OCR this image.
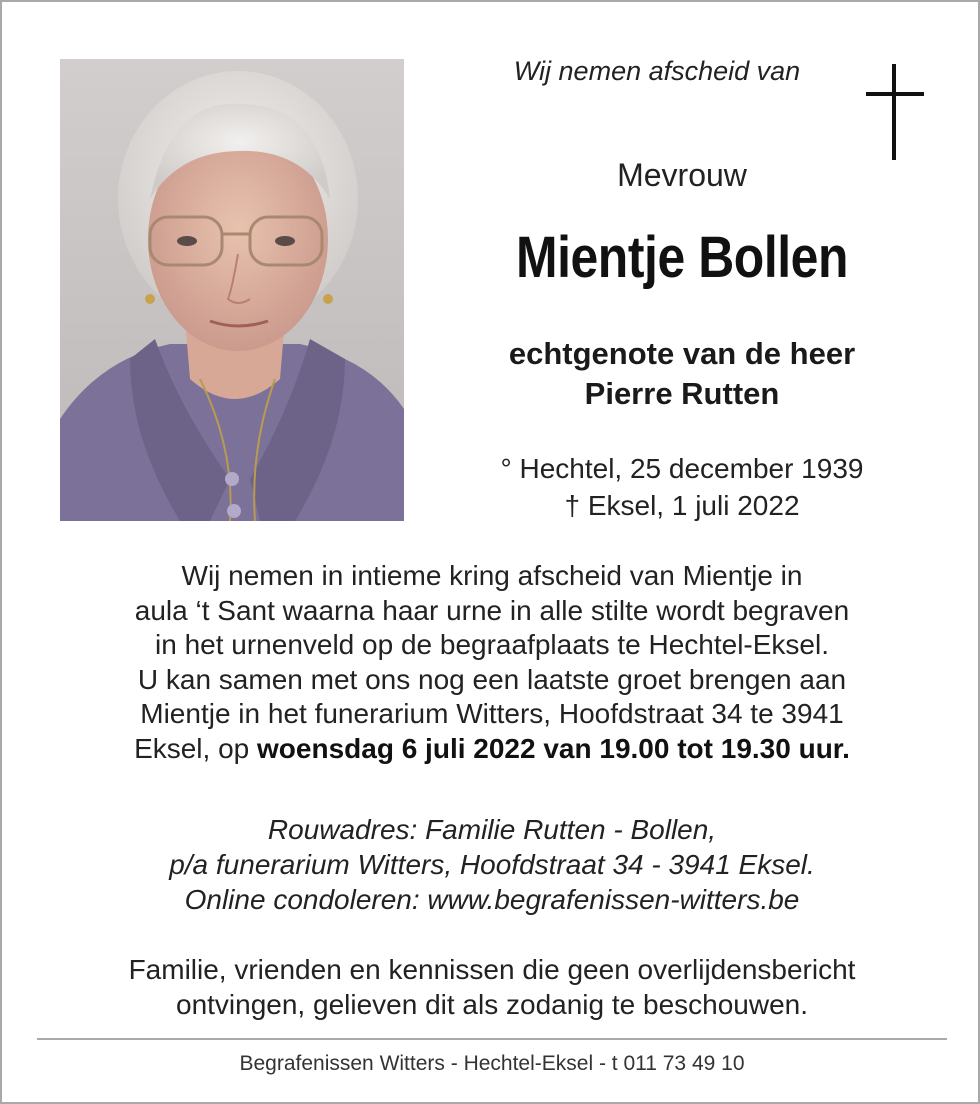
Wij nemen afscheid van
Mevrouw
Mientje Bollen
echtgenote van de heer
Pierre Rutten
° Hechtel, 25 december 1939
† Eksel, 1 juli 2022
Wij nemen in intieme kring afscheid van Mientje in
aula ‘t Sant waarna haar urne in alle stilte wordt begraven
in het urnenveld op de begraafplaats te Hechtel-Eksel.
U kan samen met ons nog een laatste groet brengen aan
Mientje in het funerarium Witters, Hoofdstraat 34 te 3941
Eksel, op woensdag 6 juli 2022 van 19.00 tot 19.30 uur.
Rouwadres: Familie Rutten - Bollen,
p/a funerarium Witters, Hoofdstraat 34 - 3941 Eksel.
Online condoleren: www.begrafenissen-witters.be
Familie, vrienden en kennissen die geen overlijdensbericht
ontvingen, gelieven dit als zodanig te beschouwen.
Begrafenissen Witters - Hechtel-Eksel - t 011 73 49 10
